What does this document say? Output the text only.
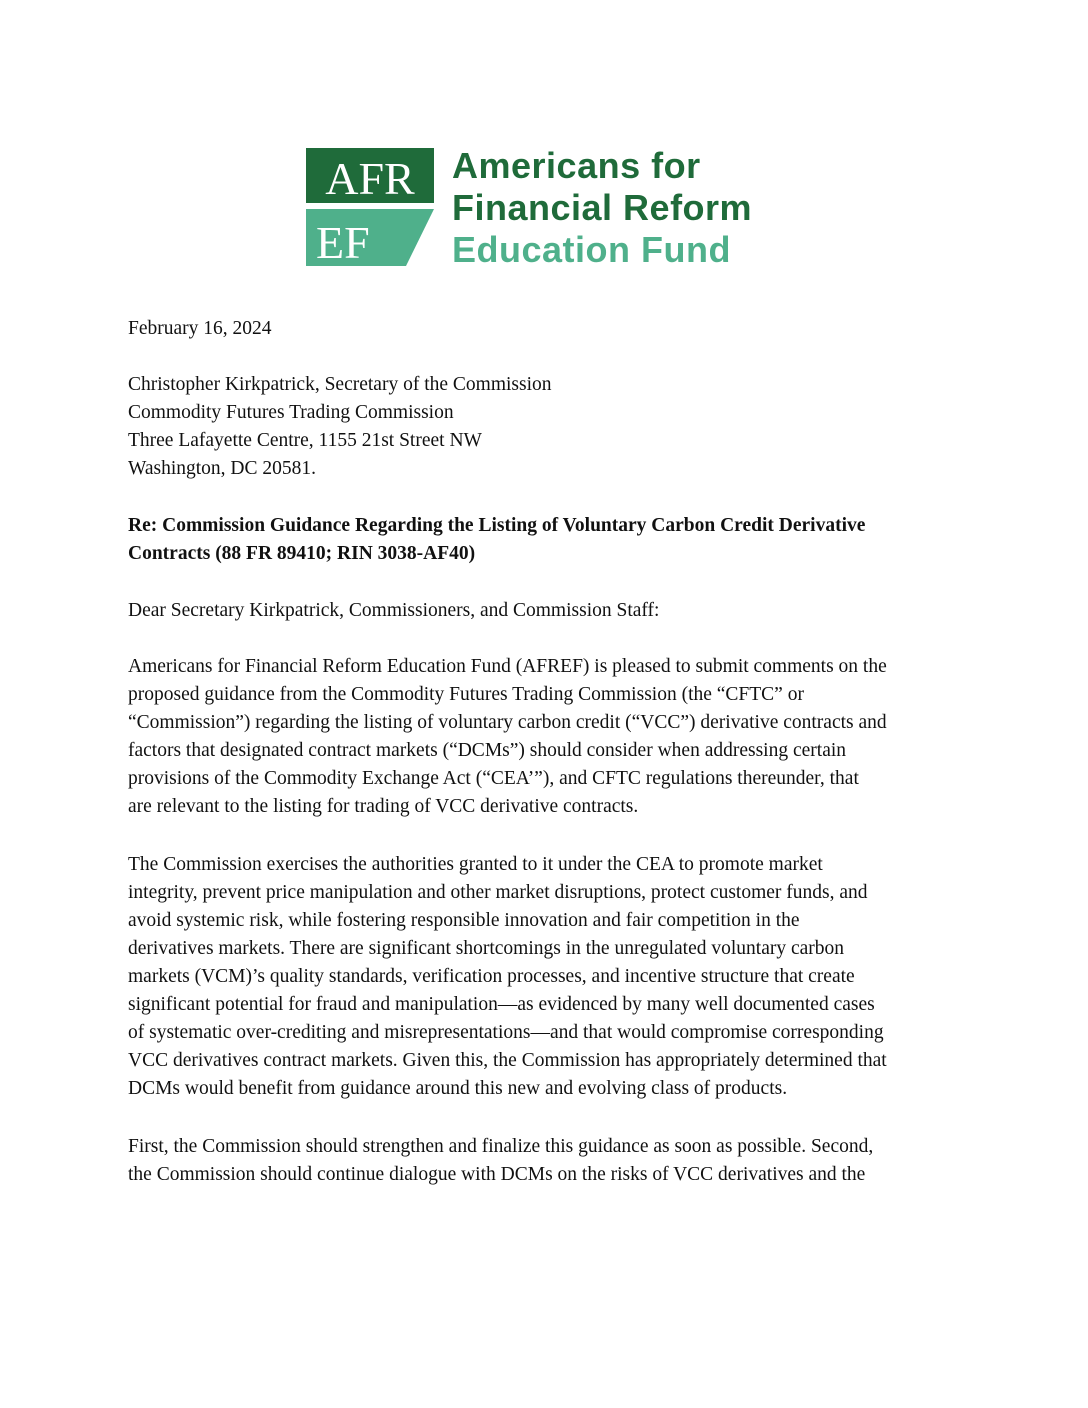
AFR
EF
Americans for
Financial Reform
Education Fund
February 16, 2024
Christopher Kirkpatrick, Secretary of the Commission
Commodity Futures Trading Commission
Three Lafayette Centre, 1155 21st Street NW
Washington, DC 20581.
Re: Commission Guidance Regarding the Listing of Voluntary Carbon Credit Derivative
Contracts (88 FR 89410; RIN 3038-AF40)
Dear Secretary Kirkpatrick, Commissioners, and Commission Staff:
Americans for Financial Reform Education Fund (AFREF) is pleased to submit comments on the
proposed guidance from the Commodity Futures Trading Commission (the “CFTC” or
“Commission”) regarding the listing of voluntary carbon credit (“VCC”) derivative contracts and
factors that designated contract markets (“DCMs”) should consider when addressing certain
provisions of the Commodity Exchange Act (“CEA’”), and CFTC regulations thereunder, that
are relevant to the listing for trading of VCC derivative contracts.
The Commission exercises the authorities granted to it under the CEA to promote market
integrity, prevent price manipulation and other market disruptions, protect customer funds, and
avoid systemic risk, while fostering responsible innovation and fair competition in the
derivatives markets. There are significant shortcomings in the unregulated voluntary carbon
markets (VCM)’s quality standards, verification processes, and incentive structure that create
significant potential for fraud and manipulation—as evidenced by many well documented cases
of systematic over-crediting and misrepresentations—and that would compromise corresponding
VCC derivatives contract markets. Given this, the Commission has appropriately determined that
DCMs would benefit from guidance around this new and evolving class of products.
First, the Commission should strengthen and finalize this guidance as soon as possible. Second,
the Commission should continue dialogue with DCMs on the risks of VCC derivatives and the
